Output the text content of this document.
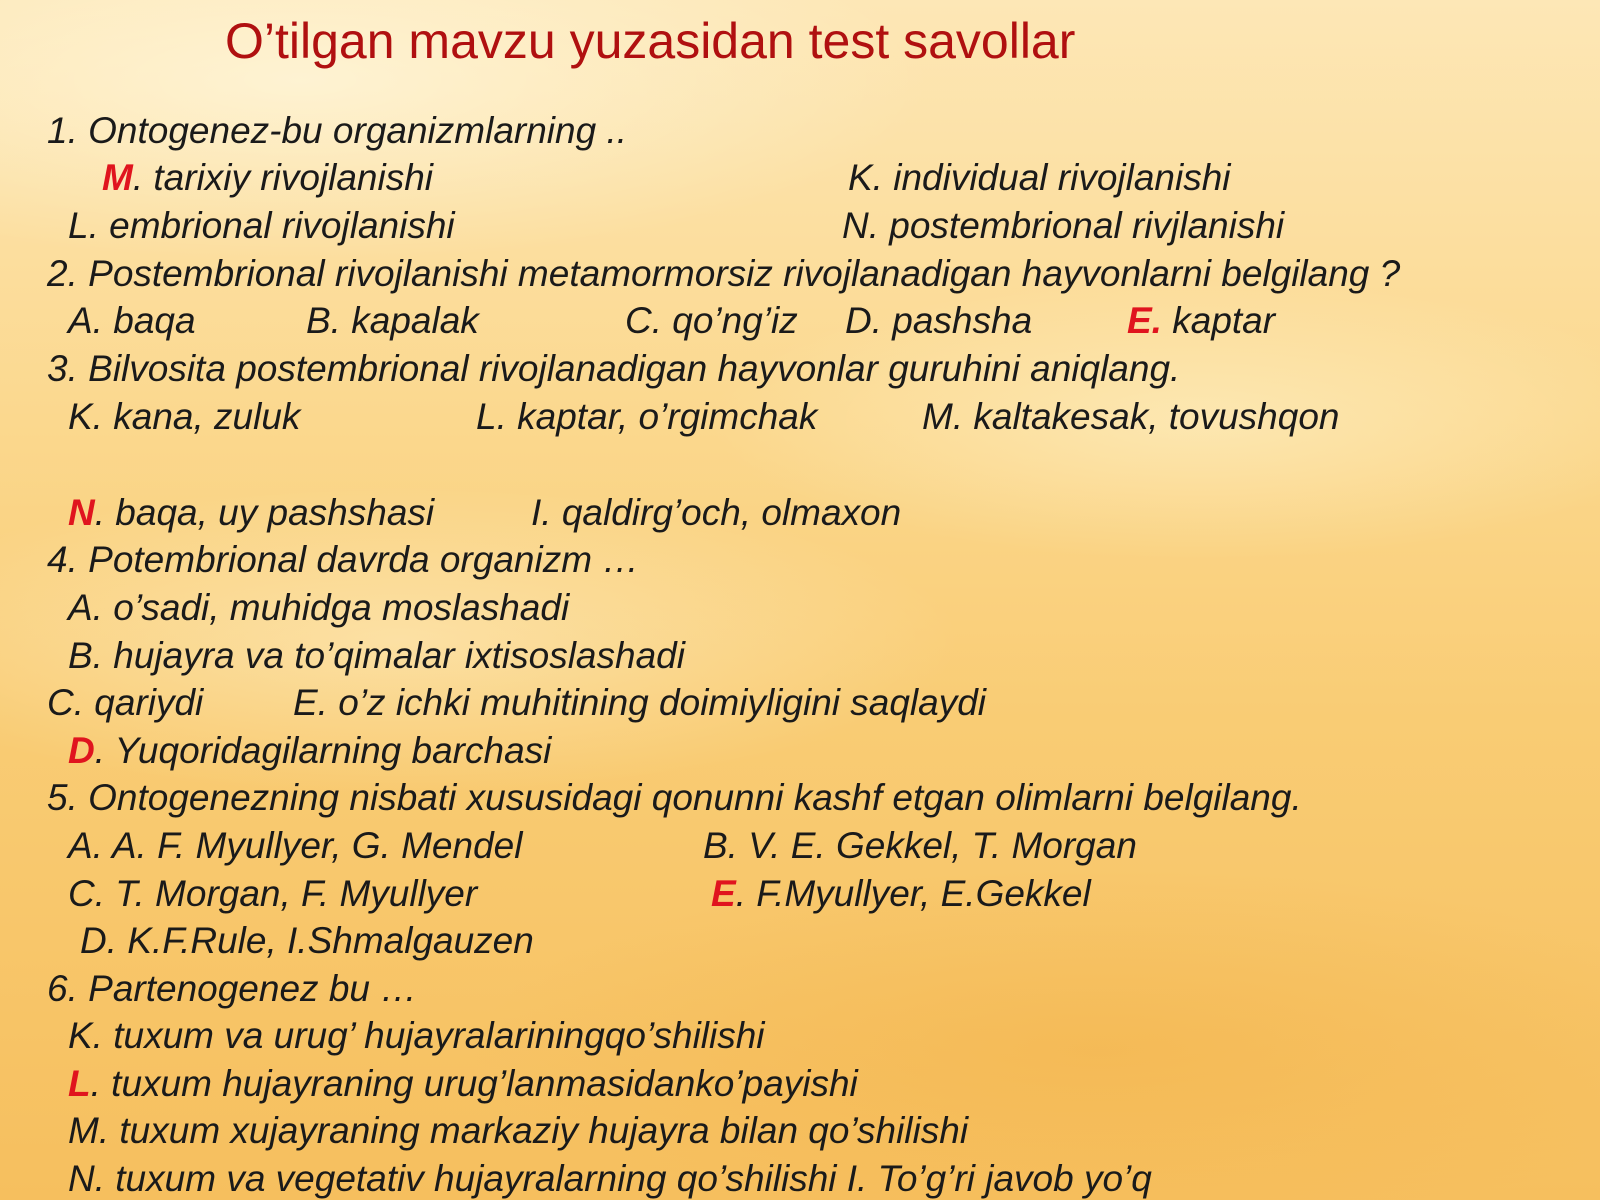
O’tilgan mavzu yuzasidan test savollar
1. Ontogenez-bu organizmlarning ..
M. tarixiy rivojlanishi	K. individual rivojlanishi
L. embrional rivojlanishi	N. postembrional rivjlanishi
2. Postembrional rivojlanishi metamormorsiz rivojlanadigan hayvonlarni belgilang ?
A. baqa	B. kapalak	C. qo’ng’iz D. pashsha	E. kaptar
3. Bilvosita postembrional rivojlanadigan hayvonlar guruhini aniqlang.
K. kana, zuluk	L. kaptar, o’rgimchak	M. kaltakesak, tovushqon
N. baqa, uy pashshasi	I. qaldirg’och, olmaxon
4. Potembrional davrda organizm …
A. o’sadi, muhidga moslashadi
B. hujayra va to’qimalar ixtisoslashadi
C. qariydi E. o’z ichki muhitining doimiyligini saqlaydi
D. Yuqoridagilarning barchasi
5. Ontogenezning nisbati xususidagi qonunni kashf etgan olimlarni belgilang.
A. A. F. Myullyer, G. Mendel	B. V. E. Gekkel, T. Morgan
C. T. Morgan, F. Myullyer	E. F.Myullyer, E.Gekkel
D. K.F.Rule, I.Shmalgauzen
6. Partenogenez bu …
K. tuxum va urug’ hujayralariningqo’shilishi
L. tuxum hujayraning urug’lanmasidanko’payishi
M. tuxum xujayraning markaziy hujayra bilan qo’shilishi
N. tuxum va vegetativ hujayralarning qo’shilishi I. To’g’ri javob yo’q
